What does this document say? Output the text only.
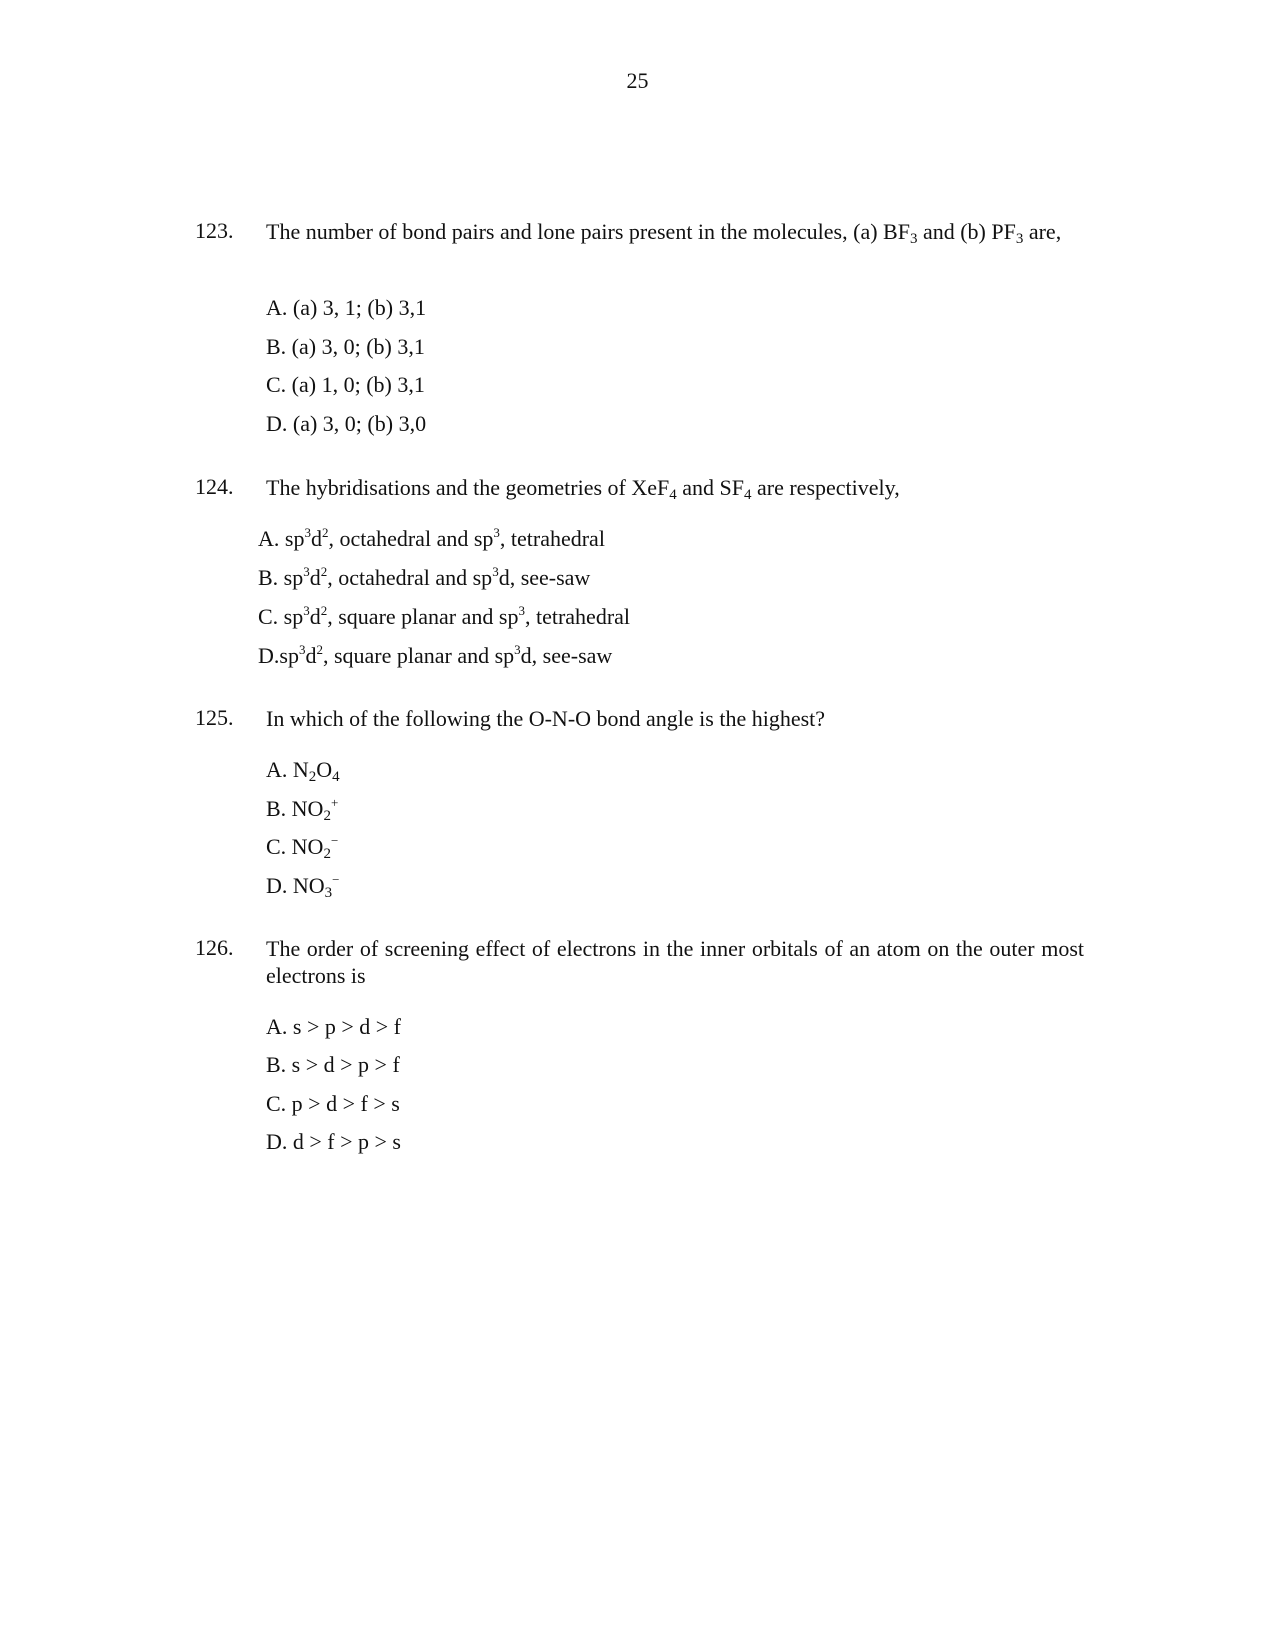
25
123. The number of bond pairs and lone pairs present in the molecules, (a) $BF_3$ and (b) $PF_3$ are,
A. (a) 3, 1; (b) 3,1
B. (a) 3, 0; (b) 3,1
C. (a) 1, 0; (b) 3,1
D. (a) 3, 0; (b) 3,0
124. The hybridisations and the geometries of XeF$_4$ and $SF_4$ are respectively,
A. $sp^3d^2$, octahedral and $sp^3$, tetrahedral
B. $sp^3d^2$, octahedral and $sp^3d$, see-saw
C. $sp^3d^2$, square planar and $sp^3$, tetrahedral
$D.sp^3d^2$, square planar and $sp^3d$, see-saw
125. In which of the following the O-N-O bond angle is the highest?
A. $N_2O_4$
B. $NO_2^+$
C. $NO_2^-$
D. $NO_3^-$
126. The order of screening effect of electrons in the inner orbitals of an atom on the outer most electrons is
A. s > p > d > f
B. s > d > p > f
C. p > d > f > s
D. d > f > p > s
